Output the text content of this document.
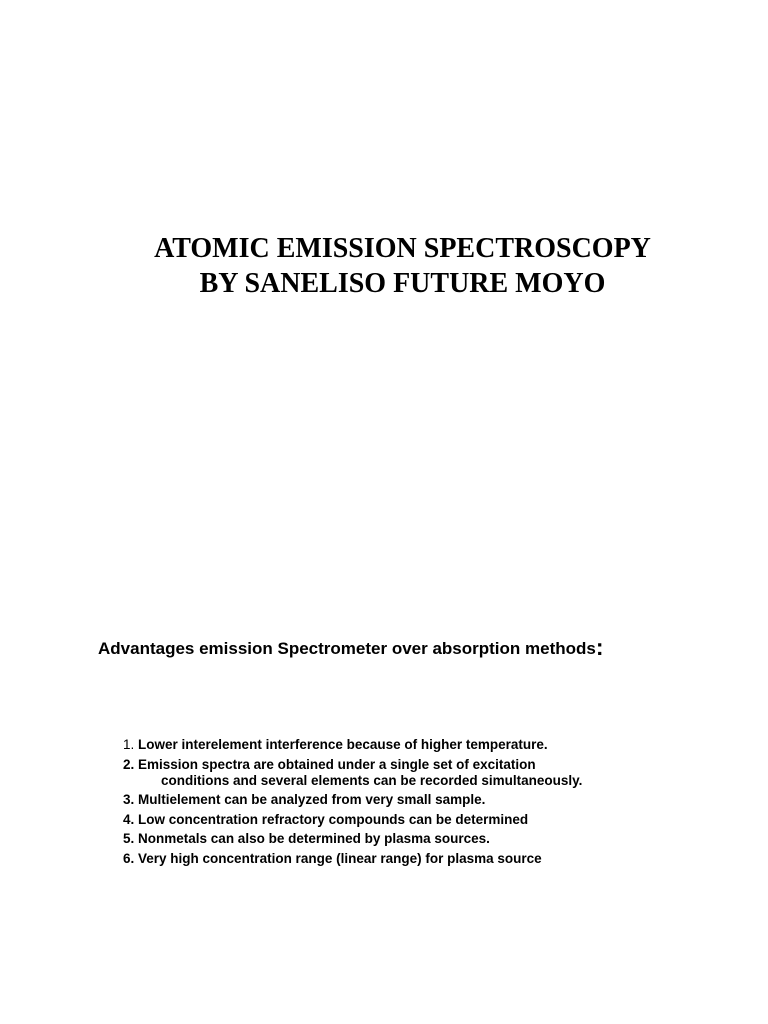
ATOMIC EMISSION SPECTROSCOPY
BY SANELISO FUTURE MOYO
Advantages emission Spectrometer over absorption methods:
1. Lower interelement interference because of higher temperature.
2. Emission spectra are obtained under a single set of excitation
conditions and several elements can be recorded simultaneously.
3. Multielement can be analyzed from very small sample.
4. Low concentration refractory compounds can be determined
5. Nonmetals can also be determined by plasma sources.
6. Very high concentration range (linear range) for plasma source
